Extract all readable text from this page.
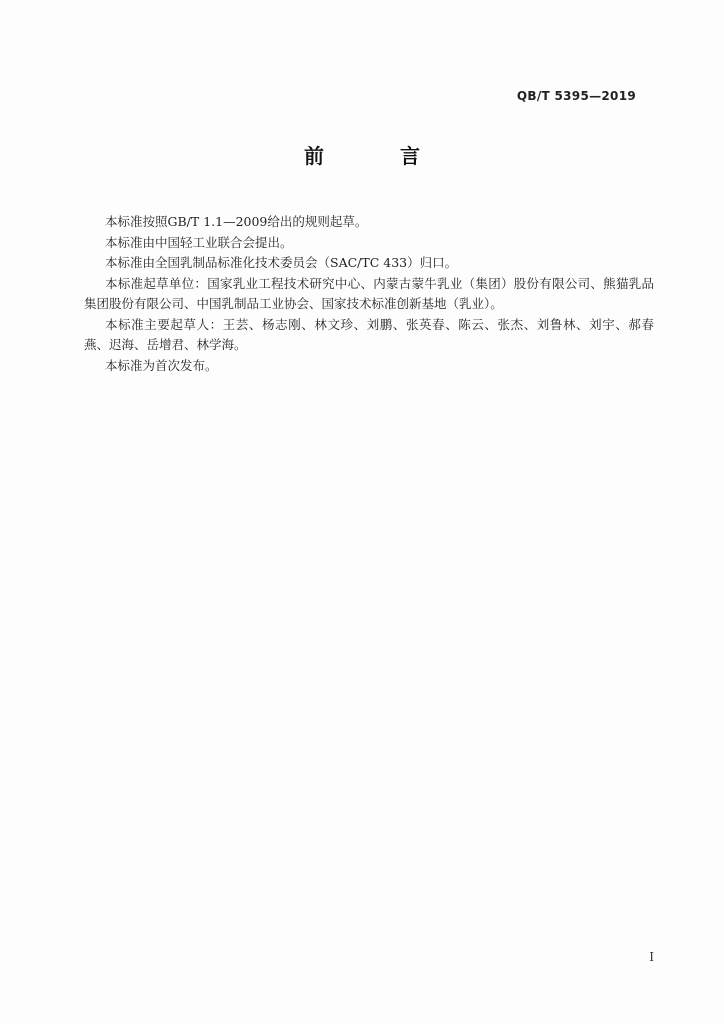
QB/T 5395—2019
前　言

本标准按照GB/T 1.1—2009给出的规则起草。

本标准由中国轻工业联合会提出。

本标准由全国乳制品标准化技术委员会（SAC/TC 433）归口。

本标准起草单位：国家乳业工程技术研究中心、内蒙古蒙牛乳业（集团）股份有限公司、熊猫乳品集团股份有限公司、中国乳制品工业协会、国家技术标准创新基地（乳业）。

本标准主要起草人：王芸、杨志刚、林文珍、刘鹏、张英春、陈云、张杰、刘鲁林、刘宇、郝春燕、迟海、岳增君、林学海。

本标准为首次发布。

I
